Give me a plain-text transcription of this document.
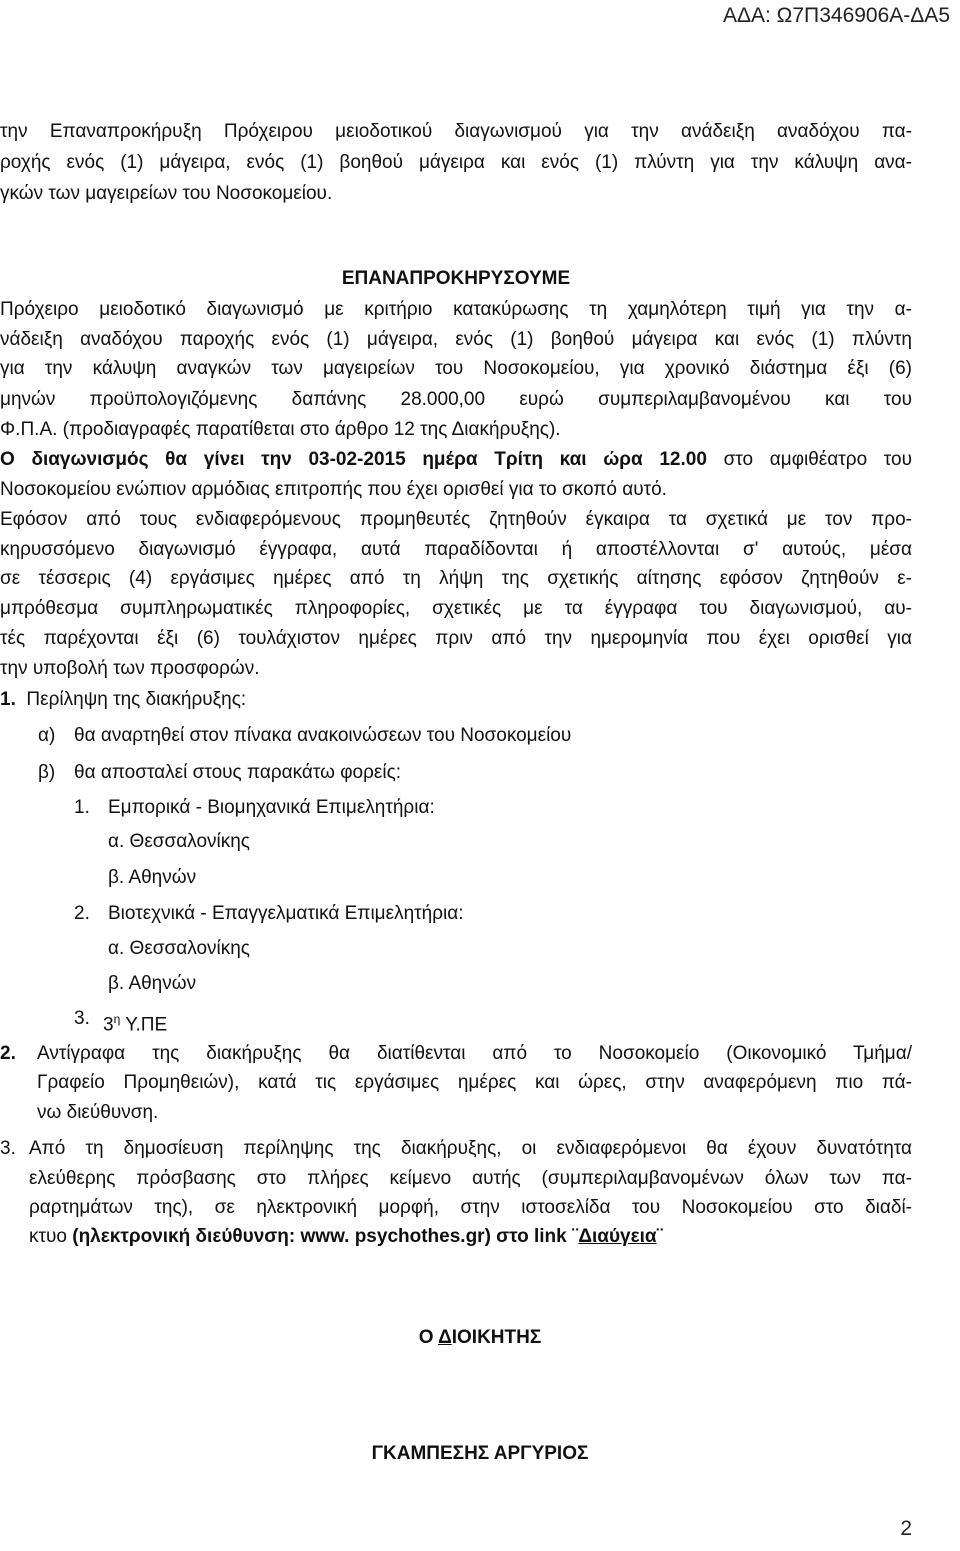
ΑΔΑ: Ω7Π346906Α-ΔΑ5
την Επαναπροκήρυξη Πρόχειρου μειοδοτικού διαγωνισμού για την ανάδειξη αναδόχου πα-
ροχής ενός (1) μάγειρα, ενός (1) βοηθού μάγειρα και ενός (1) πλύντη για την κάλυψη ανα-
γκών των μαγειρείων του Νοσοκομείου.
ΕΠΑΝΑΠΡΟΚΗΡΥΣΟΥΜΕ
Πρόχειρο μειοδοτικό διαγωνισμό με κριτήριο κατακύρωσης τη χαμηλότερη τιμή για την α-
νάδειξη αναδόχου παροχής ενός (1) μάγειρα, ενός (1) βοηθού μάγειρα και ενός (1) πλύντη
για την κάλυψη αναγκών των μαγειρείων του Νοσοκομείου, για χρονικό διάστημα έξι (6)
μηνών προϋπολογιζόμενης δαπάνης 28.000,00 ευρώ συμπεριλαμβανομένου και του
Φ.Π.Α. (προδιαγραφές παρατίθεται στο άρθρο 12 της Διακήρυξης).
Ο διαγωνισμός θα γίνει την 03-02-2015 ημέρα Τρίτη και ώρα 12.00 στο αμφιθέατρο του
Νοσοκομείου ενώπιον αρμόδιας επιτροπής που έχει ορισθεί για το σκοπό αυτό.
Εφόσον από τους ενδιαφερόμενους προμηθευτές ζητηθούν έγκαιρα τα σχετικά με τον προ-
κηρυσσόμενο διαγωνισμό έγγραφα, αυτά παραδίδονται ή αποστέλλονται σ' αυτούς, μέσα
σε τέσσερις (4) εργάσιμες ημέρες από τη λήψη της σχετικής αίτησης εφόσον ζητηθούν ε-
μπρόθεσμα συμπληρωματικές πληροφορίες, σχετικές με τα έγγραφα του διαγωνισμού, αυ-
τές παρέχονται έξι (6) τουλάχιστον ημέρες πριν από την ημερομηνία που έχει ορισθεί για
την υποβολή των προσφορών.
1. Περίληψη της διακήρυξης:
α) θα αναρτηθεί στον πίνακα ανακοινώσεων του Νοσοκομείου
β) θα αποσταλεί στους παρακάτω φορείς:
1. Εμπορικά - Βιομηχανικά Επιμελητήρια:
α. Θεσσαλονίκης
β. Αθηνών
2. Βιοτεχνικά - Επαγγελματικά Επιμελητήρια:
α. Θεσσαλονίκης
β. Αθηνών
3. $3^\eta$ Υ.ΠΕ
2. Αντίγραφα της διακήρυξης θα διατίθενται από το Νοσοκομείο (Οικονομικό Τμήμα/
Γραφείο Προμηθειών), κατά τις εργάσιμες ημέρες και ώρες, στην αναφερόμενη πιο πά-
νω διεύθυνση.
3. Από τη δημοσίευση περίληψης της διακήρυξης, οι ενδιαφερόμενοι θα έχουν δυνατότητα
ελεύθερης πρόσβασης στο πλήρες κείμενο αυτής (συμπεριλαμβανομένων όλων των πα-
ραρτημάτων της), σε ηλεκτρονική μορφή, στην ιστοσελίδα του Νοσοκομείου στο διαδί-
κτυο (ηλεκτρονική διεύθυνση: www. psychothes.gr) στο link ¨Διαύγεια¨
Ο ΔΙΟΙΚΗΤΗΣ
ΓΚΑΜΠΕΣΗΣ ΑΡΓΥΡΙΟΣ
2
